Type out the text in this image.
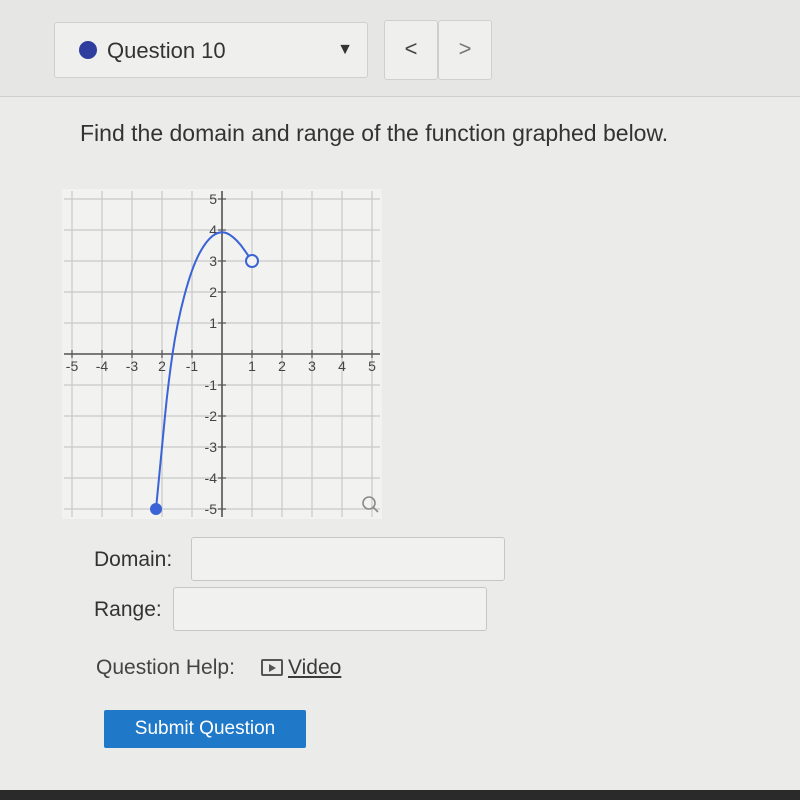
Question 10	▼	<	>
Find the domain and range of the function graphed below.
-5 -4 -3 2 -1	1 2 3 4 5
5
4
3
2
1
-1
-2
-3
-4
-5
Domain:
Range:
Question Help:	Video
Submit Question
